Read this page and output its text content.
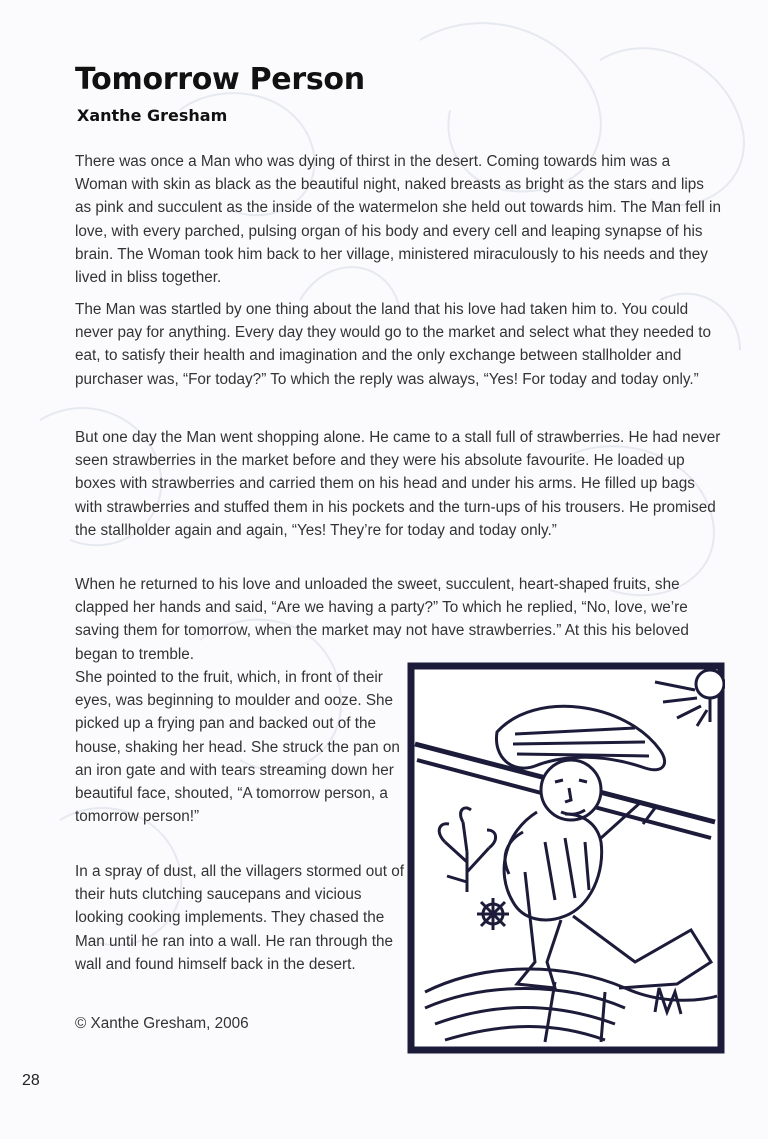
Tomorrow Person
Xanthe Gresham

There was once a Man who was dying of thirst in the desert. Coming towards him was a Woman with skin as black as the beautiful night, naked breasts as bright as the stars and lips as pink and succulent as the inside of the watermelon she held out towards him. The Man fell in love, with every parched, pulsing organ of his body and every cell and leaping synapse of his brain. The Woman took him back to her village, ministered miraculously to his needs and they lived in bliss together.

The Man was startled by one thing about the land that his love had taken him to. You could never pay for anything. Every day they would go to the market and select what they needed to eat, to satisfy their health and imagination and the only exchange between stallholder and purchaser was, “For today?” To which the reply was always, “Yes! For today and today only.”

But one day the Man went shopping alone. He came to a stall full of strawberries. He had never seen strawberries in the market before and they were his absolute favourite. He loaded up boxes with strawberries and carried them on his head and under his arms. He filled up bags with strawberries and stuffed them in his pockets and the turn-ups of his trousers. He promised the stallholder again and again, “Yes! They’re for today and today only.”

When he returned to his love and unloaded the sweet, succulent, heart-shaped fruits, she clapped her hands and said, “Are we having a party?” To which he replied, “No, love, we’re saving them for tomorrow, when the market may not have strawberries.” At this his beloved began to tremble.

She pointed to the fruit, which, in front of their eyes, was beginning to moulder and ooze. She picked up a frying pan and backed out of the house, shaking her head. She struck the pan on an iron gate and with tears streaming down her beautiful face, shouted, “A tomorrow person, a tomorrow person!”

In a spray of dust, all the villagers stormed out of their huts clutching saucepans and vicious looking cooking implements. They chased the Man until he ran into a wall. He ran through the wall and found himself back in the desert.

© Xanthe Gresham, 2006
28
